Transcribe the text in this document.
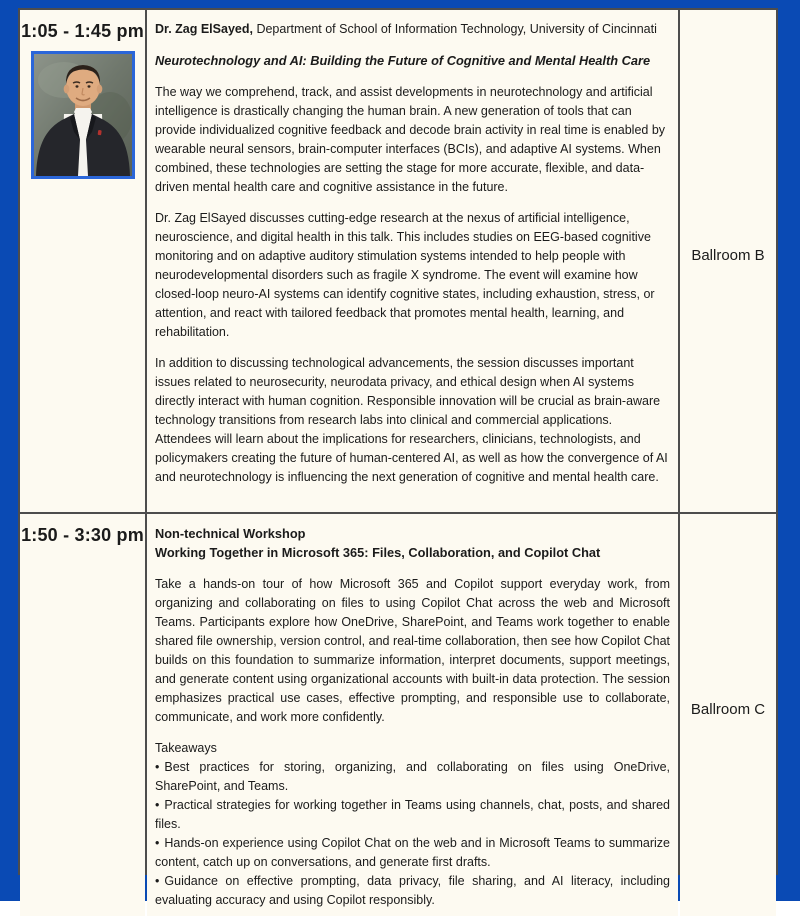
1:05 - 1:45 pm Dr. Zag ElSayed, Department of School of Information Technology, University of Cincinnati

Neurotechnology and AI: Building the Future of Cognitive and Mental Health Care

The way we comprehend, track, and assist developments in neurotechnology and artificial intelligence is drastically changing the human brain. A new generation of tools that can provide individualized cognitive feedback and decode brain activity in real time is enabled by wearable neural sensors, brain-computer interfaces (BCIs), and adaptive AI systems. When combined, these technologies are setting the stage for more accurate, flexible, and data-driven mental health care and cognitive assistance in the future.

Dr. Zag ElSayed discusses cutting-edge research at the nexus of artificial intelligence, neuroscience, and digital health in this talk. This includes studies on EEG-based cognitive monitoring and on adaptive auditory stimulation systems intended to help people with neurodevelopmental disorders such as fragile X syndrome. The event will examine how closed-loop neuro-AI systems can identify cognitive states, including exhaustion, stress, or attention, and react with tailored feedback that promotes mental health, learning, and rehabilitation.

In addition to discussing technological advancements, the session discusses important issues related to neurosecurity, neurodata privacy, and ethical design when AI systems directly interact with human cognition. Responsible innovation will be crucial as brain-aware technology transitions from research labs into clinical and commercial applications. Attendees will learn about the implications for researchers, clinicians, technologists, and policymakers creating the future of human-centered AI, as well as how the convergence of AI and neurotechnology is influencing the next generation of cognitive and mental health care.

Ballroom B
1:50 - 3:30 pm Non-technical Workshop
Working Together in Microsoft 365: Files, Collaboration, and Copilot Chat

Take a hands-on tour of how Microsoft 365 and Copilot support everyday work, from organizing and collaborating on files to using Copilot Chat across the web and Microsoft Teams. Participants explore how OneDrive, SharePoint, and Teams work together to enable shared file ownership, version control, and real-time collaboration, then see how Copilot Chat builds on this foundation to summarize information, interpret documents, support meetings, and generate content using organizational accounts with built-in data protection. The session emphasizes practical use cases, effective prompting, and responsible use to collaborate, communicate, and work more confidently.

Takeaways
• Best practices for storing, organizing, and collaborating on files using OneDrive, SharePoint, and Teams.
• Practical strategies for working together in Teams using channels, chat, posts, and shared files.
• Hands-on experience using Copilot Chat on the web and in Microsoft Teams to summarize content, catch up on conversations, and generate first drafts.
• Guidance on effective prompting, data privacy, file sharing, and AI literacy, including evaluating accuracy and using Copilot responsibly.
Ballroom C
